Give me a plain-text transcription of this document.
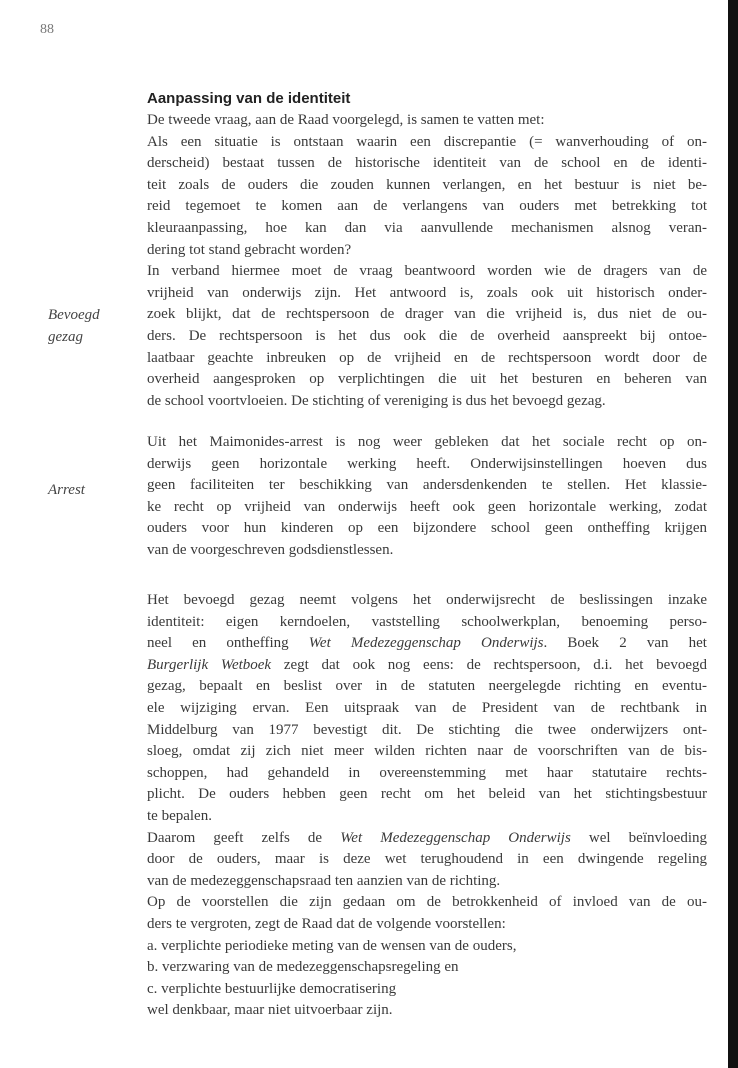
88
Aanpassing van de identiteit
Bevoegd
gezag
Arrest
De tweede vraag, aan de Raad voorgelegd, is samen te vatten met:
Als een situatie is ontstaan waarin een discrepantie (= wanverhouding of on-
derscheid) bestaat tussen de historische identiteit van de school en de identi-
teit zoals de ouders die zouden kunnen verlangen, en het bestuur is niet be-
reid tegemoet te komen aan de verlangens van ouders met betrekking tot
kleuraanpassing, hoe kan dan via aanvullende mechanismen alsnog veran-
dering tot stand gebracht worden?
In verband hiermee moet de vraag beantwoord worden wie de dragers van de
vrijheid van onderwijs zijn. Het antwoord is, zoals ook uit historisch onder-
zoek blijkt, dat de rechtspersoon de drager van die vrijheid is, dus niet de ou-
ders. De rechtspersoon is het dus ook die de overheid aanspreekt bij ontoe-
laatbaar geachte inbreuken op de vrijheid en de rechtspersoon wordt door de
overheid aangesproken op verplichtingen die uit het besturen en beheren van
de school voortvloeien. De stichting of vereniging is dus het bevoegd gezag.
Uit het Maimonides-arrest is nog weer gebleken dat het sociale recht op on-
derwijs geen horizontale werking heeft. Onderwijsinstellingen hoeven dus
geen faciliteiten ter beschikking van andersdenkenden te stellen. Het klassie-
ke recht op vrijheid van onderwijs heeft ook geen horizontale werking, zodat
ouders voor hun kinderen op een bijzondere school geen ontheffing krijgen
van de voorgeschreven godsdienstlessen.
Het bevoegd gezag neemt volgens het onderwijsrecht de beslissingen inzake
identiteit: eigen kerndoelen, vaststelling schoolwerkplan, benoeming perso-
neel en ontheffing Wet Medezeggenschap Onderwijs. Boek 2 van het
Burgerlijk Wetboek zegt dat ook nog eens: de rechtspersoon, d.i. het bevoegd
gezag, bepaalt en beslist over in de statuten neergelegde richting en eventu-
ele wijziging ervan. Een uitspraak van de President van de rechtbank in
Middelburg van 1977 bevestigt dit. De stichting die twee onderwijzers ont-
sloeg, omdat zij zich niet meer wilden richten naar de voorschriften van de bis-
schoppen, had gehandeld in overeenstemming met haar statutaire rechts-
plicht. De ouders hebben geen recht om het beleid van het stichtingsbestuur
te bepalen.
Daarom geeft zelfs de Wet Medezeggenschap Onderwijs wel beïnvloeding
door de ouders, maar is deze wet terughoudend in een dwingende regeling
van de medezeggenschapsraad ten aanzien van de richting.
Op de voorstellen die zijn gedaan om de betrokkenheid of invloed van de ou-
ders te vergroten, zegt de Raad dat de volgende voorstellen:
a. verplichte periodieke meting van de wensen van de ouders,
b. verzwaring van de medezeggenschapsregeling en
c. verplichte bestuurlijke democratisering
wel denkbaar, maar niet uitvoerbaar zijn.
